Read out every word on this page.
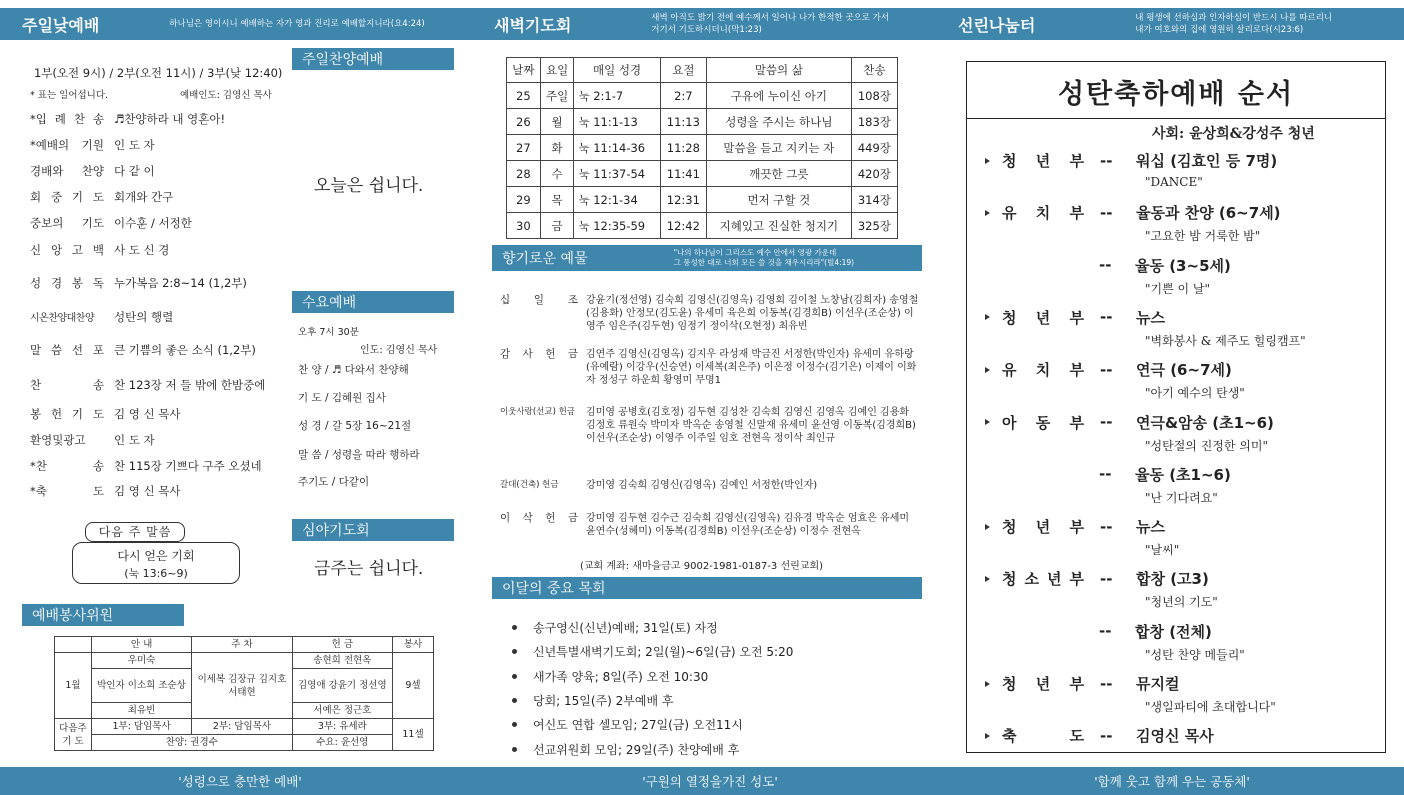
주일낮예배	하나님은 영이시니 예배하는 자가 영과 진리로 예배할지니라(요4:24)
1부(오전 9시) / 2부(오전 11시) / 3부(낮 12:40)
* 표는 일어섭니다.	예배인도: 김영신 목사
*입 례 찬 송 ♬찬양하라 내 영혼아!
*예배의 기원 인 도 자
경배와 찬양 다 같 이
회 중 기 도 회개와 간구
중보의 기도 이수훈 / 서정한
신 앙 고 백 사 도 신 경
성 경 봉 독 누가복음 2:8~14 (1,2부)
시온찬양대찬양	성탄의 행렬
말 씀 선 포 큰 기쁨의 좋은 소식 (1,2부)
찬 송 찬 123장 저 들 밖에 한밤중에
봉 헌 기 도 김 영 신 목사
환영및광고	인 도 자
*찬 송 찬 115장 기쁘다 구주 오셨네
*축 도 김 영 신 목사
다음 주 말씀
다시 얻은 기회
(눅 13:6~9)
주일찬양예배
오늘은 쉽니다.
수요예배
오후 7시 30분
인도: 김영신 목사
찬 양 / ♬ 다와서 찬양해
기 도 / 김혜원 집사
성 경 / 갈 5장 16~21절
말 씀 / 성령을 따라 행하라
주기도 / 다같이
심야기도회
금주는 쉽니다.
예배봉사위원
	안 내	주 차	헌 금	봉사
1월	우미숙	이세복 김장규 김지호 서태현	송현희 전현옥	9셀
	박인자 이소희 조순상		김영애 강윤기 정선영	
	최유빈		서예은 정근호	
다음주 기 도	1부: 담임목사	2부: 담임목사	3부: 유세라	11셀
	찬양: 권경수		수요: 윤선영	
'성령으로 충만한 예배'
새벽기도회	새벽 아직도 밝기 전에 예수께서 일어나 나가 한적한 곳으로 가서
거기서 기도하시더니(막1:23)
날짜	요일	매일 성경	요절	말씀의 삶	찬송
25	주일	눅 2:1-7	2:7	구유에 누이신 아기	108장
26	월	눅 11:1-13	11:13	성령을 주시는 하나님	183장
27	화	눅 11:14-36	11:28	말씀을 듣고 지키는 자	449장
28	수	눅 11:37-54	11:41	깨끗한 그릇	420장
29	목	눅 12:1-34	12:31	먼저 구할 것	314장
30	금	눅 12:35-59	12:42	지혜있고 진실한 청지기	325장
향기로운 예물	"나의 하나님이 그리스도 예수 안에서 영광 가운데
그 풍성한 대로 너희 모든 쓸 것을 채우시리라"(빌4:19)
십 일 조 강윤기(정선영) 김숙희 김영신(김영옥) 김영희 김이철 노창남(김희자) 송영철(김용화) 안정모(김도윤) 유세미 육은희 이동복(김경희B) 이선우(조순상) 이영주 임은주(김두현) 임정기 정이삭(오현정) 최유빈
감 사 헌 금 김연주 김영신(김영옥) 김지우 라성재 박금진 서정한(박인자) 유세미 유하랑(유예람) 이강우(신승연) 이세복(최은주) 이은정 이정수(김기은) 이제이 이화자 정성구 하운희 황영미 무명1
이웃사랑(선교) 헌금 김미영 공병호(김호정) 김두현 김성찬 김숙희 김영신 김영옥 김예인 김용화 김정호 류원숙 박미자 박옥순 송영철 신말재 유세미 윤선영 이동복(김경희B) 이선우(조순상) 이영주 이주일 임호 전현옥 정이삭 최인규
갈대(건축) 헌금	강미영 김숙희 김영신(김영옥) 김예인 서정한(박인자)
이 삭 헌 금 강미영 김두현 김수근 김숙희 김영신(김영옥) 김유경 박옥순 엄효은 유세미 윤연수(성혜미) 이동복(김경희B) 이선우(조순상) 이정수 전현옥
(교회 계좌: 새마을금고 9002-1981-0187-3 선린교회)
이달의 중요 목회
송구영신(신년)예배; 31일(토) 자정
신년특별새벽기도회; 2일(월)~6일(금) 오전 5:20
새가족 양육; 8일(주) 오전 10:30
당회; 15일(주) 2부예배 후
여신도 연합 셀모임; 27일(금) 오전11시
선교위원회 모임; 29일(주) 찬양예배 후
'구원의 열정을가진 성도'
선린나눔터	내 평생에 선하심과 인자하심이 반드시 나를 따르리니
내가 여호와의 집에 영원히 살리로다(시23:6)
성탄축하예배 순서
사회: 윤상희&강성주 청년
청 년 부 --	워십 (김효인 등 7명)
"DANCE"
유 치 부 --	율동과 찬양 (6~7세)
"고요한 밤 거룩한 밤"
--	율동 (3~5세)
"기쁜 이 날"
청 년 부 --	뉴스
"벽화봉사 & 제주도 힐링캠프"
유 치 부 --	연극 (6~7세)
"아기 예수의 탄생"
아 동 부 --	연극&암송 (초1~6)
"성탄절의 진정한 의미"
--	율동 (초1~6)
"난 기다려요"
청 년 부 --	뉴스
"날씨"
청 소 년 부 --	합창 (고3)
"청년의 기도"
--	합창 (전체)
"성탄 찬양 메들리"
청 년 부 --	뮤지컬
"생일파티에 초대합니다"
축 도 --	김영신 목사
'함께 웃고 함께 우는 공동체'
